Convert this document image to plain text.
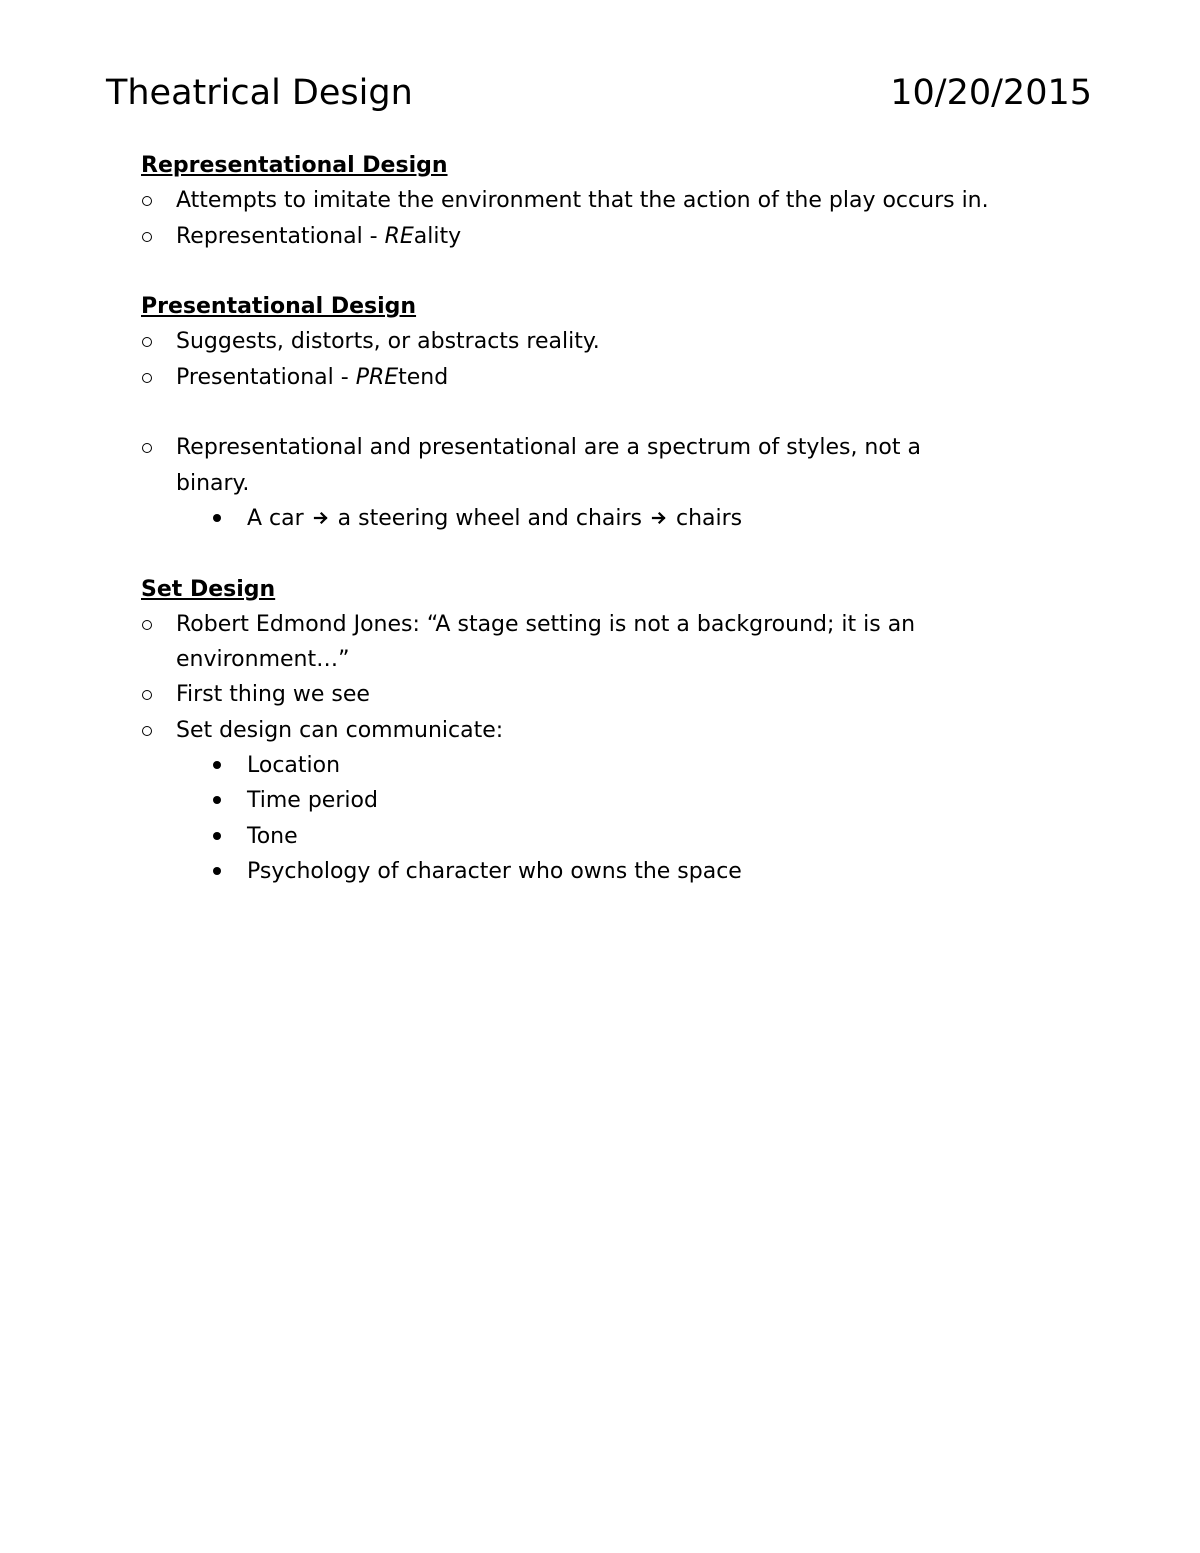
Theatrical Design	10/20/2015
Representational Design
Attempts to imitate the environment that the action of the play occurs in.
Representational - REality
Presentational Design
Suggests, distorts, or abstracts reality.
Presentational - PREtend
Representational and presentational are a spectrum of styles, not a
binary.
A car a steering wheel and chairs chairs
Set Design
Robert Edmond Jones: “A stage setting is not a background; it is an
environment…”
First thing we see
Set design can communicate:
Location
Time period
Tone
Psychology of character who owns the space
